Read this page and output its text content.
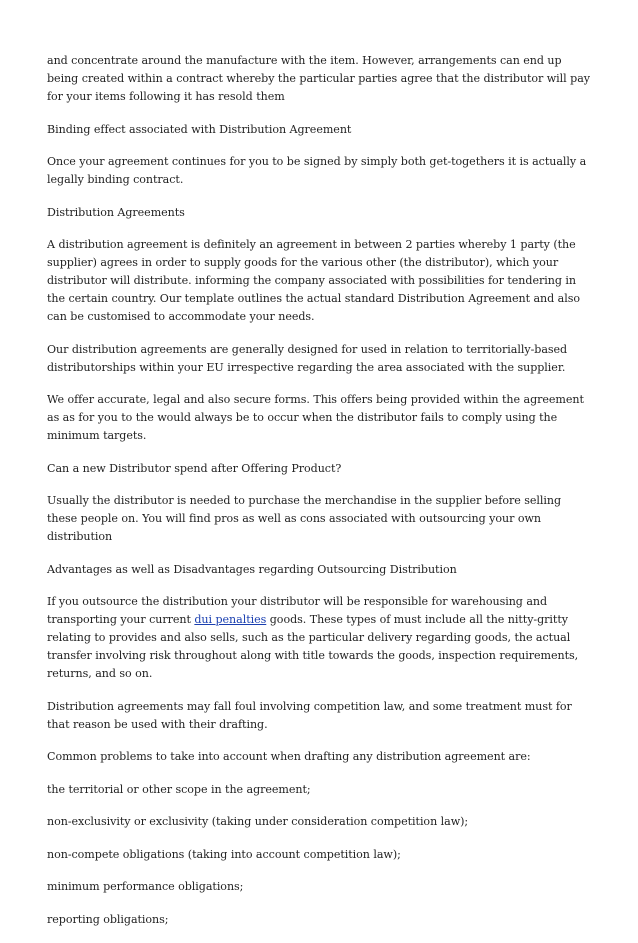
and concentrate around the manufacture with the item. However, arrangements can end up being created within a contract whereby the particular parties agree that the distributor will pay for your items following it has resold them

Binding effect associated with Distribution Agreement

Once your agreement continues for you to be signed by simply both get-togethers it is actually a legally binding contract.

Distribution Agreements

A distribution agreement is definitely an agreement in between 2 parties whereby 1 party (the supplier) agrees in order to supply goods for the various other (the distributor), which your distributor will distribute. informing the company associated with possibilities for tendering in the certain country. Our template outlines the actual standard Distribution Agreement and also can be customised to accommodate your needs.

Our distribution agreements are generally designed for used in relation to territorially-based distributorships within your EU irrespective regarding the area associated with the supplier.

We offer accurate, legal and also secure forms. This offers being provided within the agreement as as for you to the would always be to occur when the distributor fails to comply using the minimum targets.

Can a new Distributor spend after Offering Product?

Usually the distributor is needed to purchase the merchandise in the supplier before selling these people on. You will find pros as well as cons associated with outsourcing your own distribution

Advantages as well as Disadvantages regarding Outsourcing Distribution

If you outsource the distribution your distributor will be responsible for warehousing and transporting your current dui penalties goods. These types of must include all the nitty-gritty relating to provides and also sells, such as the particular delivery regarding goods, the actual transfer involving risk throughout along with title towards the goods, inspection requirements, returns, and so on.

Distribution agreements may fall foul involving competition law, and some treatment must for that reason be used with their drafting.

Common problems to take into account when drafting any distribution agreement are:

the territorial or other scope in the agreement;

non-exclusivity or exclusivity (taking under consideration competition law);

non-compete obligations (taking into account competition law);

minimum performance obligations;

reporting obligations;
